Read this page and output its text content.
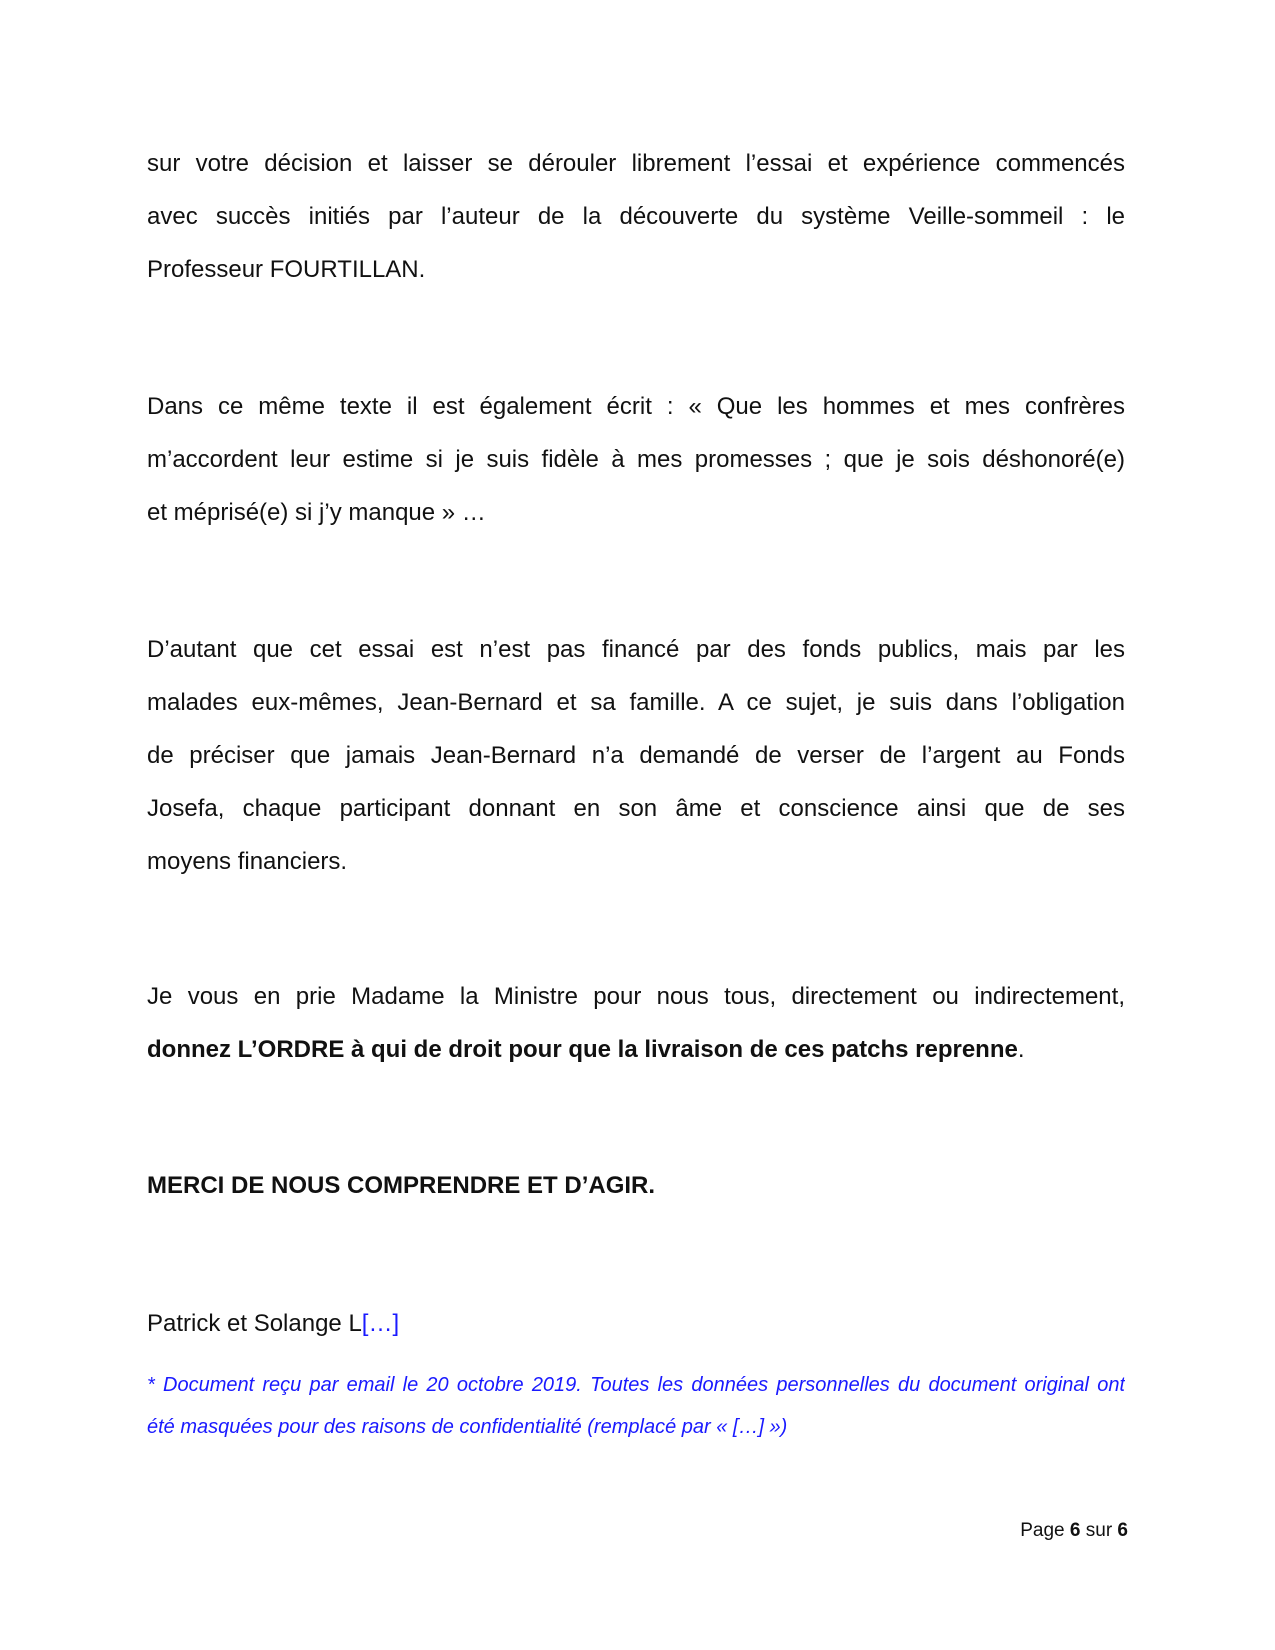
sur votre décision et laisser se dérouler librement l’essai et expérience commencés
avec succès initiés par l’auteur de la découverte du système Veille-sommeil : le
Professeur FOURTILLAN.
Dans ce même texte il est également écrit : « Que les hommes et mes confrères
m’accordent leur estime si je suis fidèle à mes promesses ; que je sois déshonoré(e)
et méprisé(e) si j’y manque » …
D’autant que cet essai est n’est pas financé par des fonds publics, mais par les
malades eux-mêmes, Jean-Bernard et sa famille. A ce sujet, je suis dans l’obligation
de préciser que jamais Jean-Bernard n’a demandé de verser de l’argent au Fonds
Josefa, chaque participant donnant en son âme et conscience ainsi que de ses
moyens financiers.
Je vous en prie Madame la Ministre pour nous tous, directement ou indirectement,
donnez L’ORDRE à qui de droit pour que la livraison de ces patchs reprenne.
MERCI DE NOUS COMPRENDRE ET D’AGIR.
Patrick et Solange L[…]
* Document reçu par email le 20 octobre 2019. Toutes les données personnelles du document original ont
été masquées pour des raisons de confidentialité (remplacé par « […] »)
Page 6 sur 6
